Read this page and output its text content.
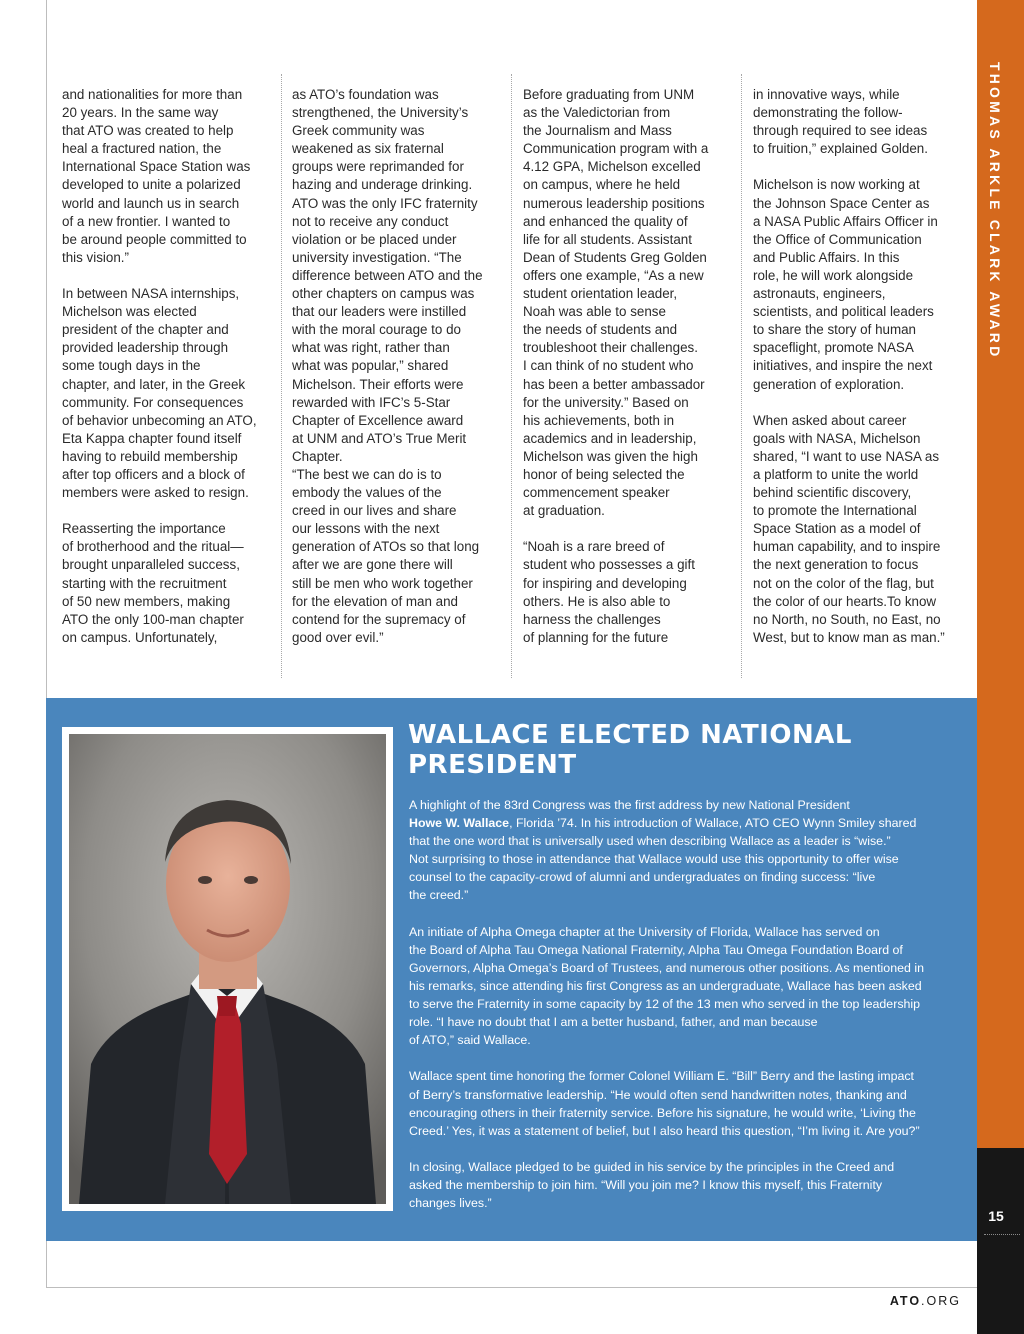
THOMAS ARKLE CLARK AWARD
15

and nationalities for more than
20 years. In the same way
that ATO was created to help
heal a fractured nation, the
International Space Station was
developed to unite a polarized
world and launch us in search
of a new frontier. I wanted to
be around people committed to
this vision.”

In between NASA internships,
Michelson was elected
president of the chapter and
provided leadership through
some tough days in the
chapter, and later, in the Greek
community. For consequences
of behavior unbecoming an ATO,
Eta Kappa chapter found itself
having to rebuild membership
after top officers and a block of
members were asked to resign.

Reasserting the importance
of brotherhood and the ritual—
brought unparalleled success,
starting with the recruitment
of 50 new members, making
ATO the only 100-man chapter
on campus. Unfortunately,

as ATO’s foundation was
strengthened, the University’s
Greek community was
weakened as six fraternal
groups were reprimanded for
hazing and underage drinking.
ATO was the only IFC fraternity
not to receive any conduct
violation or be placed under
university investigation. “The
difference between ATO and the
other chapters on campus was
that our leaders were instilled
with the moral courage to do
what was right, rather than
what was popular,” shared
Michelson. Their efforts were
rewarded with IFC’s 5-Star
Chapter of Excellence award
at UNM and ATO’s True Merit
Chapter.
“The best we can do is to
embody the values of the
creed in our lives and share
our lessons with the next
generation of ATOs so that long
after we are gone there will
still be men who work together
for the elevation of man and
contend for the supremacy of
good over evil.”

Before graduating from UNM
as the Valedictorian from
the Journalism and Mass
Communication program with a
4.12 GPA, Michelson excelled
on campus, where he held
numerous leadership positions
and enhanced the quality of
life for all students. Assistant
Dean of Students Greg Golden
offers one example, “As a new
student orientation leader,
Noah was able to sense
the needs of students and
troubleshoot their challenges.
I can think of no student who
has been a better ambassador
for the university.” Based on
his achievements, both in
academics and in leadership,
Michelson was given the high
honor of being selected the
commencement speaker
at graduation.

“Noah is a rare breed of
student who possesses a gift
for inspiring and developing
others. He is also able to
harness the challenges
of planning for the future

in innovative ways, while
demonstrating the follow-
through required to see ideas
to fruition,” explained Golden.

Michelson is now working at
the Johnson Space Center as
a NASA Public Affairs Officer in
the Office of Communication
and Public Affairs. In this
role, he will work alongside
astronauts, engineers,
scientists, and political leaders
to share the story of human
spaceflight, promote NASA
initiatives, and inspire the next
generation of exploration.

When asked about career
goals with NASA, Michelson
shared, “I want to use NASA as
a platform to unite the world
behind scientific discovery,
to promote the International
Space Station as a model of
human capability, and to inspire
the next generation to focus
not on the color of the flag, but
the color of our hearts.To know
no North, no South, no East, no
West, but to know man as man.”

WALLACE ELECTED NATIONAL PRESIDENT

A highlight of the 83rd Congress was the first address by new National President
Howe W. Wallace, Florida ’74. In his introduction of Wallace, ATO CEO Wynn Smiley shared
that the one word that is universally used when describing Wallace as a leader is “wise.”
Not surprising to those in attendance that Wallace would use this opportunity to offer wise
counsel to the capacity-crowd of alumni and undergraduates on finding success: “live
the creed.”

An initiate of Alpha Omega chapter at the University of Florida, Wallace has served on
the Board of Alpha Tau Omega National Fraternity, Alpha Tau Omega Foundation Board of
Governors, Alpha Omega’s Board of Trustees, and numerous other positions. As mentioned in
his remarks, since attending his first Congress as an undergraduate, Wallace has been asked
to serve the Fraternity in some capacity by 12 of the 13 men who served in the top leadership
role. “I have no doubt that I am a better husband, father, and man because
of ATO,” said Wallace.

Wallace spent time honoring the former Colonel William E. “Bill” Berry and the lasting impact
of Berry’s transformative leadership. “He would often send handwritten notes, thanking and
encouraging others in their fraternity service. Before his signature, he would write, ‘Living the
Creed.’ Yes, it was a statement of belief, but I also heard this question, “I’m living it. Are you?”

In closing, Wallace pledged to be guided in his service by the principles in the Creed and
asked the membership to join him. “Will you join me? I know this myself, this Fraternity
changes lives.”

ATO.ORG
